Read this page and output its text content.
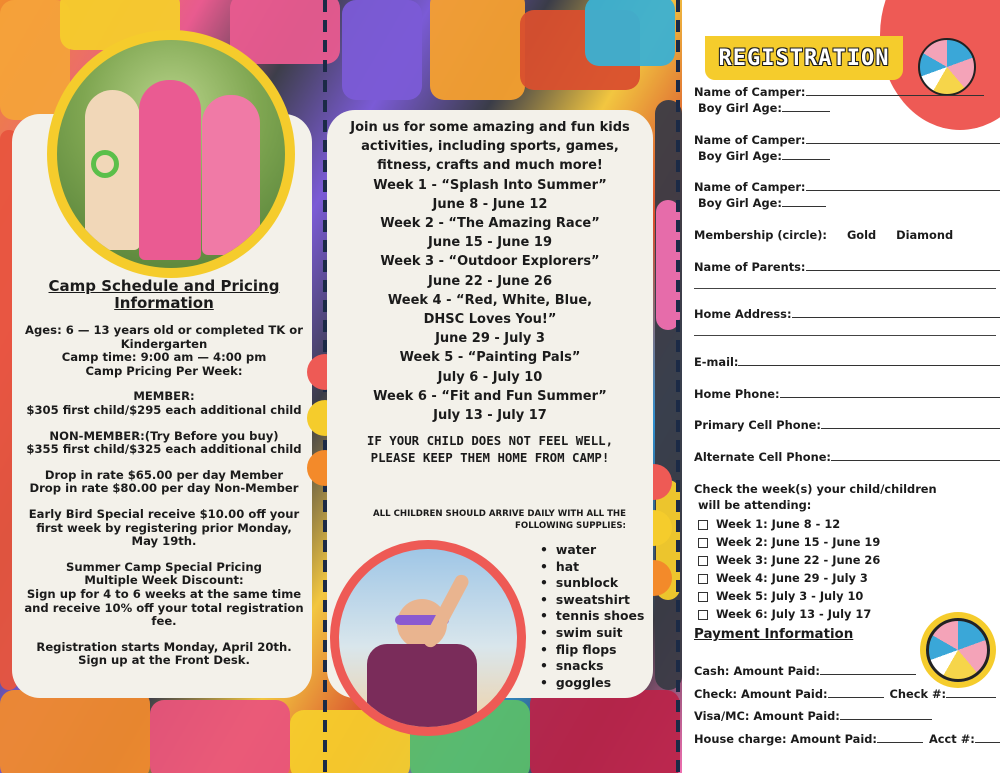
Camp Schedule and Pricing Information

Ages: 6 — 13 years old or completed TK or Kindergarten
Camp time: 9:00 am — 4:00 pm
Camp Pricing Per Week:

MEMBER:
$305 first child/$295 each additional child

NON-MEMBER:(Try Before you buy)
$355 first child/$325 each additional child

Drop in rate $65.00 per day Member
Drop in rate $80.00 per day Non-Member

Early Bird Special receive $10.00 off your first week by registering prior Monday, May 19th.

Summer Camp Special Pricing
Multiple Week Discount:
Sign up for 4 to 6 weeks at the same time and receive 10% off your total registration fee.

Registration starts Monday, April 20th.
Sign up at the Front Desk.

Join us for some amazing and fun kids
activities, including sports, games,
fitness, crafts and much more!
Week 1 - “Splash Into Summer”
June 8 - June 12
Week 2 - “The Amazing Race”
June 15 - June 19
Week 3 - “Outdoor Explorers”
June 22 - June 26
Week 4 - “Red, White, Blue,
DHSC Loves You!”
June 29 - July 3
Week 5 - “Painting Pals”
July 6 - July 10
Week 6 - “Fit and Fun Summer”
July 13 - July 17
IF YOUR CHILD DOES NOT FEEL WELL,
PLEASE KEEP THEM HOME FROM CAMP!
ALL CHILDREN SHOULD ARRIVE DAILY WITH ALL THE
FOLLOWING SUPPLIES:
• water
• hat
• sunblock
• sweatshirt
• tennis shoes
• swim suit
• flip flops
• snacks
• goggles
Name of Camper:
Boy Girl Age:
Name of Camper:
Boy Girl Age:
Name of Camper:
Boy Girl Age:
Membership (circle): Gold Diamond
Name of Parents:
Home Address:
E-mail:
Home Phone:
Primary Cell Phone:
Alternate Cell Phone:
Check the week(s) your child/children
will be attending:
Week 1: June 8 - 12
Week 2: June 15 - June 19
Week 3: June 22 - June 26
Week 4: June 29 - July 3
Week 5: July 3 - July 10
Week 6: July 13 - July 17
Payment Information
Cash: Amount Paid:
Check: Amount Paid:	Check #:
Visa/MC: Amount Paid:
House charge: Amount Paid:	Acct #:
REGISTRATION
